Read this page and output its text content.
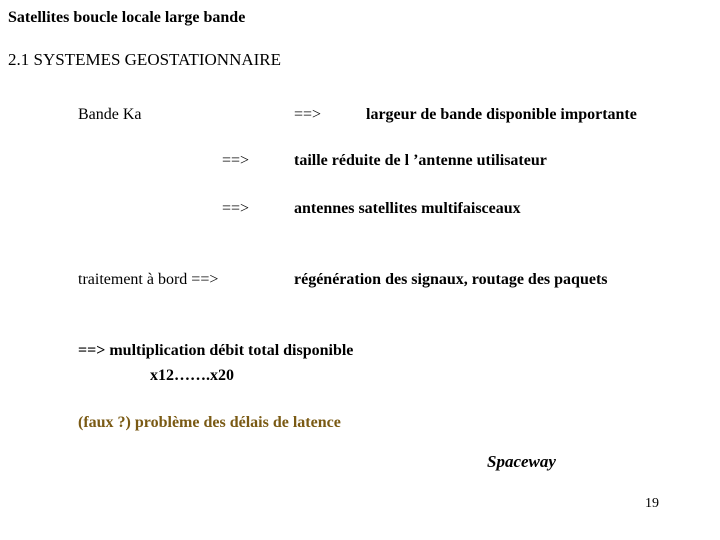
Satellites boucle locale large bande
2.1 SYSTEMES GEOSTATIONNAIRE
Bande Ka	==>	largeur de bande disponible importante
==>	taille réduite de l ’antenne utilisateur
==>	antennes satellites multifaisceaux
traitement à bord ==>	régénération des signaux, routage des paquets
==> multiplication débit total disponible
x12…….x20
(faux ?) problème des délais de latence
Spaceway
19
